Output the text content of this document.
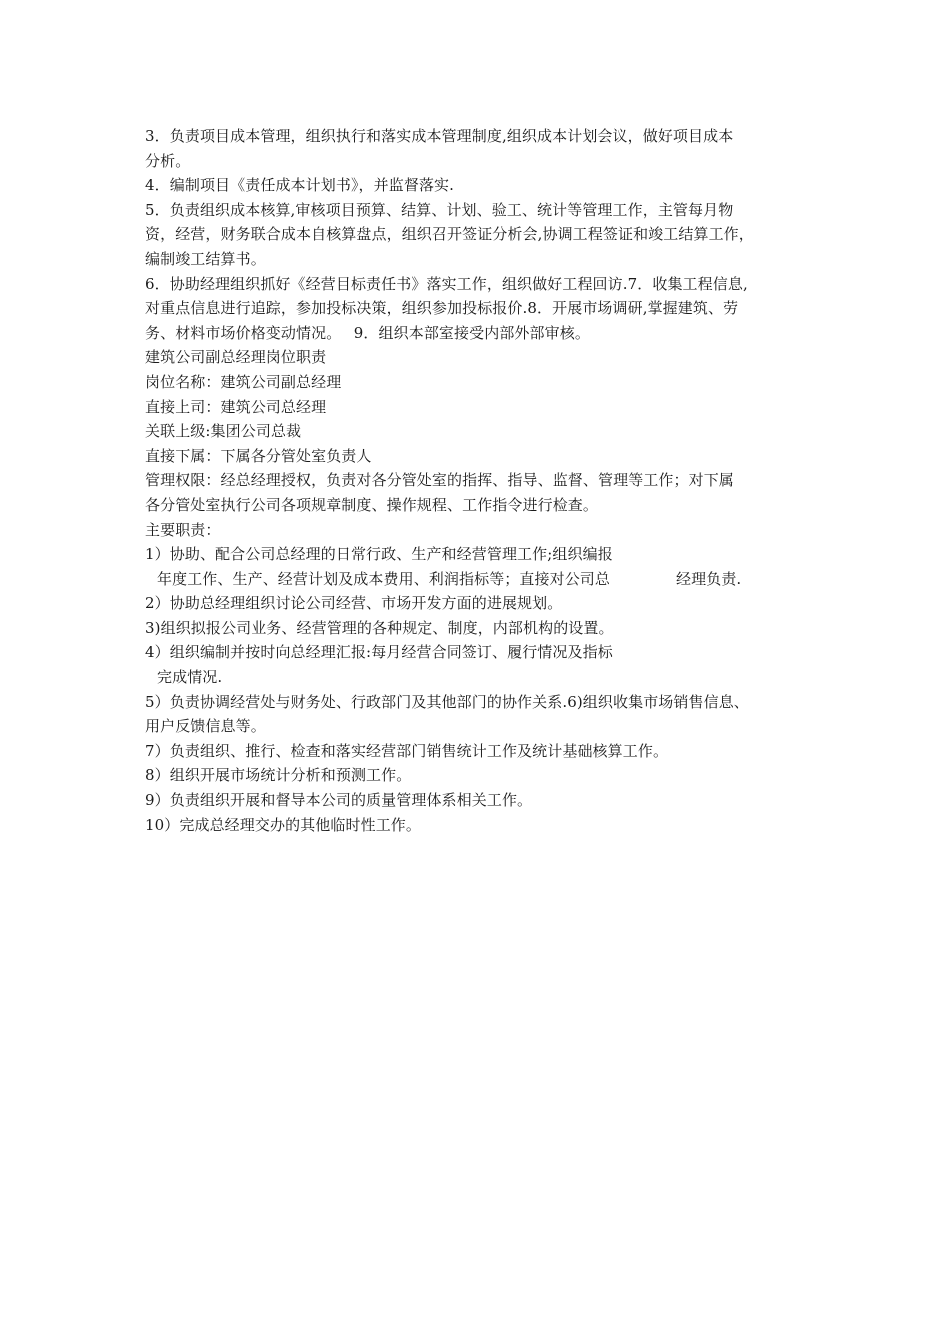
3．负责项目成本管理，组织执行和落实成本管理制度,组织成本计划会议，做好项目成本
分析。
4．编制项目《责任成本计划书》，并监督落实.
5．负责组织成本核算,审核项目预算、结算、计划、验工、统计等管理工作，主管每月物
资，经营，财务联合成本自核算盘点，组织召开签证分析会,协调工程签证和竣工结算工作，
编制竣工结算书。
6．协助经理组织抓好《经营目标责任书》落实工作，组织做好工程回访.7．收集工程信息,
对重点信息进行追踪，参加投标决策，组织参加投标报价.8．开展市场调研,掌握建筑、劳
务、材料市场价格变动情况。　 9．组织本部室接受内部外部审核。
建筑公司副总经理岗位职责
岗位名称：建筑公司副总经理
直接上司：建筑公司总经理
关联上级:集团公司总裁
直接下属：下属各分管处室负责人
管理权限：经总经理授权，负责对各分管处室的指挥、指导、监督、管理等工作；对下属
各分管处室执行公司各项规章制度、操作规程、工作指令进行检查。
主要职责：
1）协助、配合公司总经理的日常行政、生产和经营管理工作;组织编报
年度工作、生产、经营计划及成本费用、利润指标等；直接对公司总	经理负责.
2）协助总经理组织讨论公司经营、市场开发方面的进展规划。
3)组织拟报公司业务、经营管理的各种规定、制度，内部机构的设置。
4）组织编制并按时向总经理汇报:每月经营合同签订、履行情况及指标
完成情况.
5）负责协调经营处与财务处、行政部门及其他部门的协作关系.6)组织收集市场销售信息、
用户反馈信息等。
7）负责组织、推行、检查和落实经营部门销售统计工作及统计基础核算工作。
8）组织开展市场统计分析和预测工作。
9）负责组织开展和督导本公司的质量管理体系相关工作。
10）完成总经理交办的其他临时性工作。
